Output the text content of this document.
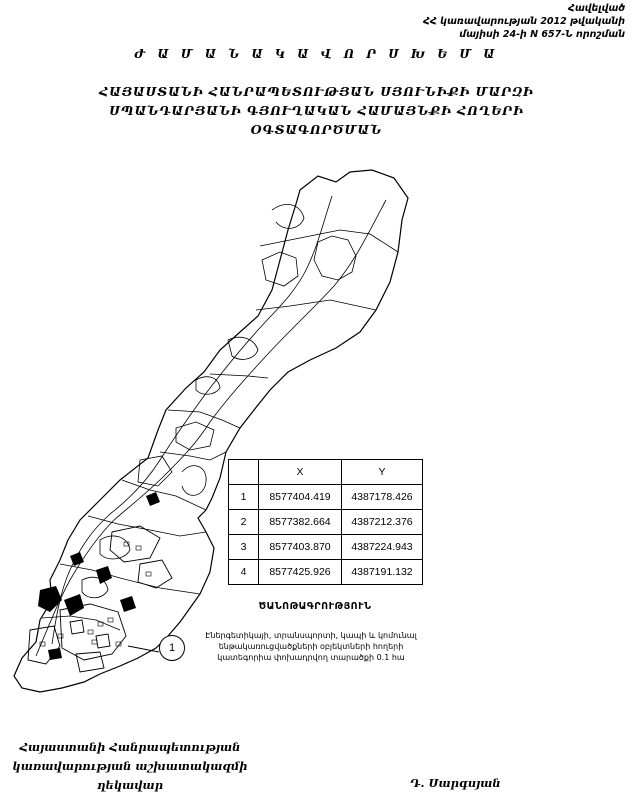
Հավելված
ՀՀ կառավարության 2012 թվականի
մայիսի 24-ի N 657-Ն որոշման
Ժ Ա Մ Ա Ն Ա Կ Ա Վ Ո Ր Ս Խ Ե Մ Ա
ՀԱՅԱՍՏԱՆԻ ՀԱՆՐԱՊԵՏՈՒԹՅԱՆ ՍՅՈՒՆԻՔԻ ՄԱՐԶԻ
ՍՊԱՆԴԱՐՅԱՆԻ ԳՅՈՒՂԱԿԱՆ ՀԱՄԱՅՆՔԻ ՀՈՂԵՐԻ
ՕԳՏԱԳՈՐԾՄԱՆ
	X	Y
1	8577404.419	4387178.426
2	8577382.664	4387212.376
3	8577403.870	4387224.943
4	8577425.926	4387191.132
ԾԱՆՈԹԱԳՐՈՒԹՅՈՒՆ
1
Էներգետիկայի, տրանսպորտի, կապի և կոմունալ
ենթակառուցվածքների օբյեկտների հողերի
կատեգորիա փոխադրվող տարածքի 0.1 հա
Հայաստանի Հանրապետության
կառավարության աշխատակազմի
ղեկավար	Դ. Սարգսյան
